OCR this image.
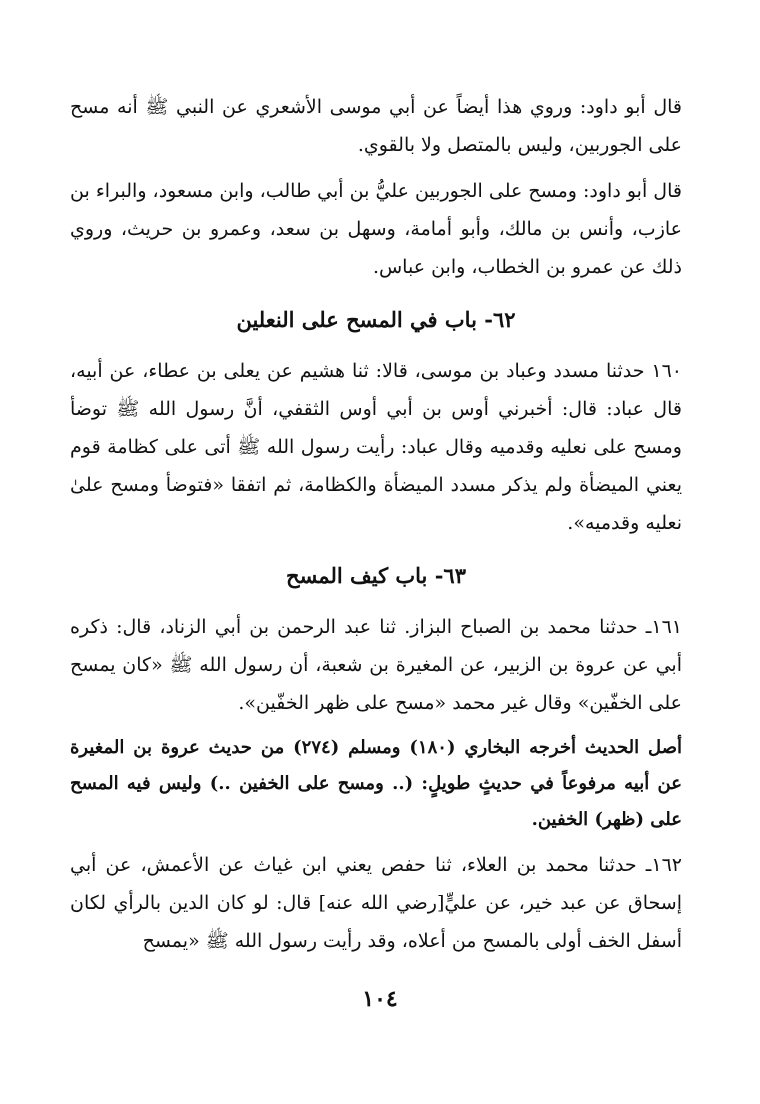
قال أبو داود: وروي هذا أيضاً عن أبي موسى الأشعري عن النبي ﷺ أنه مسح على الجوربين، وليس بالمتصل ولا بالقوي.

قال أبو داود: ومسح على الجوربين عليُّ بن أبي طالب، وابن مسعود، والبراء بن عازب، وأنس بن مالك، وأبو أمامة، وسهل بن سعد، وعمرو بن حريث، وروي ذلك عن عمرو بن الخطاب، وابن عباس.

٦٢- باب في المسح على النعلين

١٦٠ حدثنا مسدد وعباد بن موسى، قالا: ثنا هشيم عن يعلى بن عطاء، عن أبيه، قال عباد: قال: أخبرني أوس بن أبي أوس الثقفي، أنَّ رسول الله ﷺ توضأ ومسح على نعليه وقدميه وقال عباد: رأيت رسول الله ﷺ أتى على كظامة قوم يعني الميضأة ولم يذكر مسدد الميضأة والكظامة، ثم اتفقا «فتوضأ ومسح علىٰ نعليه وقدميه».

٦٣- باب كيف المسح

١٦١ـ حدثنا محمد بن الصباح البزاز. ثنا عبد الرحمن بن أبي الزناد، قال: ذكره أبي عن عروة بن الزبير، عن المغيرة بن شعبة، أن رسول الله ﷺ «كان يمسح على الخفّين» وقال غير محمد «مسح على ظهر الخفّين».

أصل الحديث أخرجه البخاري (١٨٠) ومسلم (٢٧٤) من حديث عروة بن المغيرة عن أبيه مرفوعاً في حديثٍ طويلٍ: (.. ومسح على الخفين ..) وليس فيه المسح على (ظهر) الخفين.

١٦٢ـ حدثنا محمد بن العلاء، ثنا حفص يعني ابن غياث عن الأعمش، عن أبي إسحاق عن عبد خير، عن عليٍّ[رضي الله عنه] قال: لو كان الدين بالرأي لكان أسفل الخف أولى بالمسح من أعلاه، وقد رأيت رسول الله ﷺ «يمسح

١٠٤
